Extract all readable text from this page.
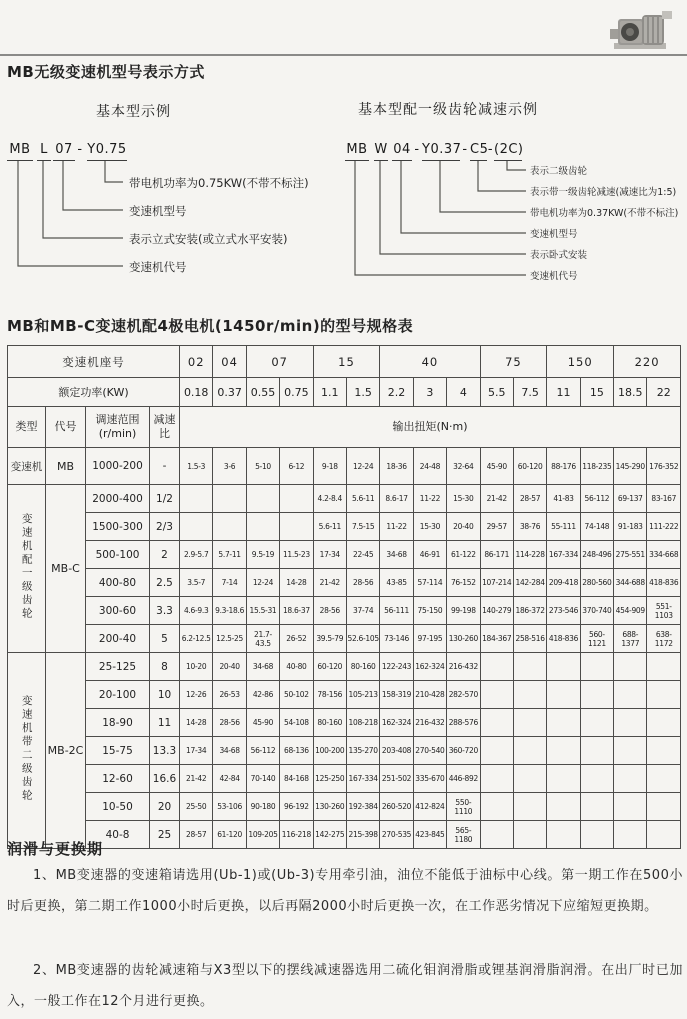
MB无级变速机型号表示方式
基本型示例	基本型配一级齿轮减速示例
MB L 07 - Y0.75
带电机功率为0.75KW(不带不标注)
变速机型号
表示立式安装(或立式水平安装)
变速机代号
MB W 04 - Y0.37 - C5 - (2C)
表示二级齿轮
表示带一级齿轮减速(减速比为1:5)
带电机功率为0.37KW(不带不标注)
变速机型号
表示卧式安装
变速机代号
MB和MB-C变速机配4极电机(1450r/min)的型号规格表
变速机座号				02	04	07		15		40			75		150		220	
额定功率(KW)				0.18	0.37	0.55	0.75	1.1	1.5	2.2	3	4	5.5	7.5	11	15	18.5	22
类型	代号	调速范围 (r/min)	减速 比	输出扭矩(N·m)														
变速机	MB	1000-200	-	1.5-3	3-6	5-10	6-12	9-18	12-24	18-36	24-48	32-64	45-90	60-120	88-176	118-235	145-290	176-352
变速机配一级齿轮	MB-C	2000-400	1/2					4.2-8.4	5.6-11	8.6-17	11-22	15-30	21-42	28-57	41-83	56-112	69-137	83-167
		1500-300	2/3					5.6-11	7.5-15	11-22	15-30	20-40	29-57	38-76	55-111	74-148	91-183	111-222
		500-100	2	2.9-5.7	5.7-11	9.5-19	11.5-23	17-34	22-45	34-68	46-91	61-122	86-171	114-228	167-334	248-496	275-551	334-668
		400-80	2.5	3.5-7	7-14	12-24	14-28	21-42	28-56	43-85	57-114	76-152	107-214	142-284	209-418	280-560	344-688	418-836
		300-60	3.3	4.6-9.3	9.3-18.6	15.5-31	18.6-37	28-56	37-74	56-111	75-150	99-198	140-279	186-372	273-546	370-740	454-909	551-1103
		200-40	5	6.2-12.5	12.5-25	21.7-43.5	26-52	39.5-79	52.6-105	73-146	97-195	130-260	184-367	258-516	418-836	560-1121	688-1377	638-1172
变速机带二级齿轮	MB-2C	25-125	8	10-20	20-40	34-68	40-80	60-120	80-160	122-243	162-324	216-432						
		20-100	10	12-26	26-53	42-86	50-102	78-156	105-213	158-319	210-428	282-570						
		18-90	11	14-28	28-56	45-90	54-108	80-160	108-218	162-324	216-432	288-576						
		15-75	13.3	17-34	34-68	56-112	68-136	100-200	135-270	203-408	270-540	360-720						
		12-60	16.6	21-42	42-84	70-140	84-168	125-250	167-334	251-502	335-670	446-892						
		10-50	20	25-50	53-106	90-180	96-192	130-260	192-384	260-520	412-824	550-1110						
		40-8	25	28-57	61-120	109-205	116-218	142-275	215-398	270-535	423-845	565-1180						
润滑与更换期
1、MB变速器的变速箱请选用(Ub-1)或(Ub-3)专用牵引油，油位不能低于油标中心线。第一期工作在500小时后更换，第二期工作1000小时后更换，以后再隔2000小时后更换一次，在工作恶劣情况下应缩短更换期。
2、MB变速器的齿轮减速箱与X3型以下的摆线减速器选用二硫化钼润滑脂或锂基润滑脂润滑。在出厂时已加入，一般工作在12个月进行更换。
